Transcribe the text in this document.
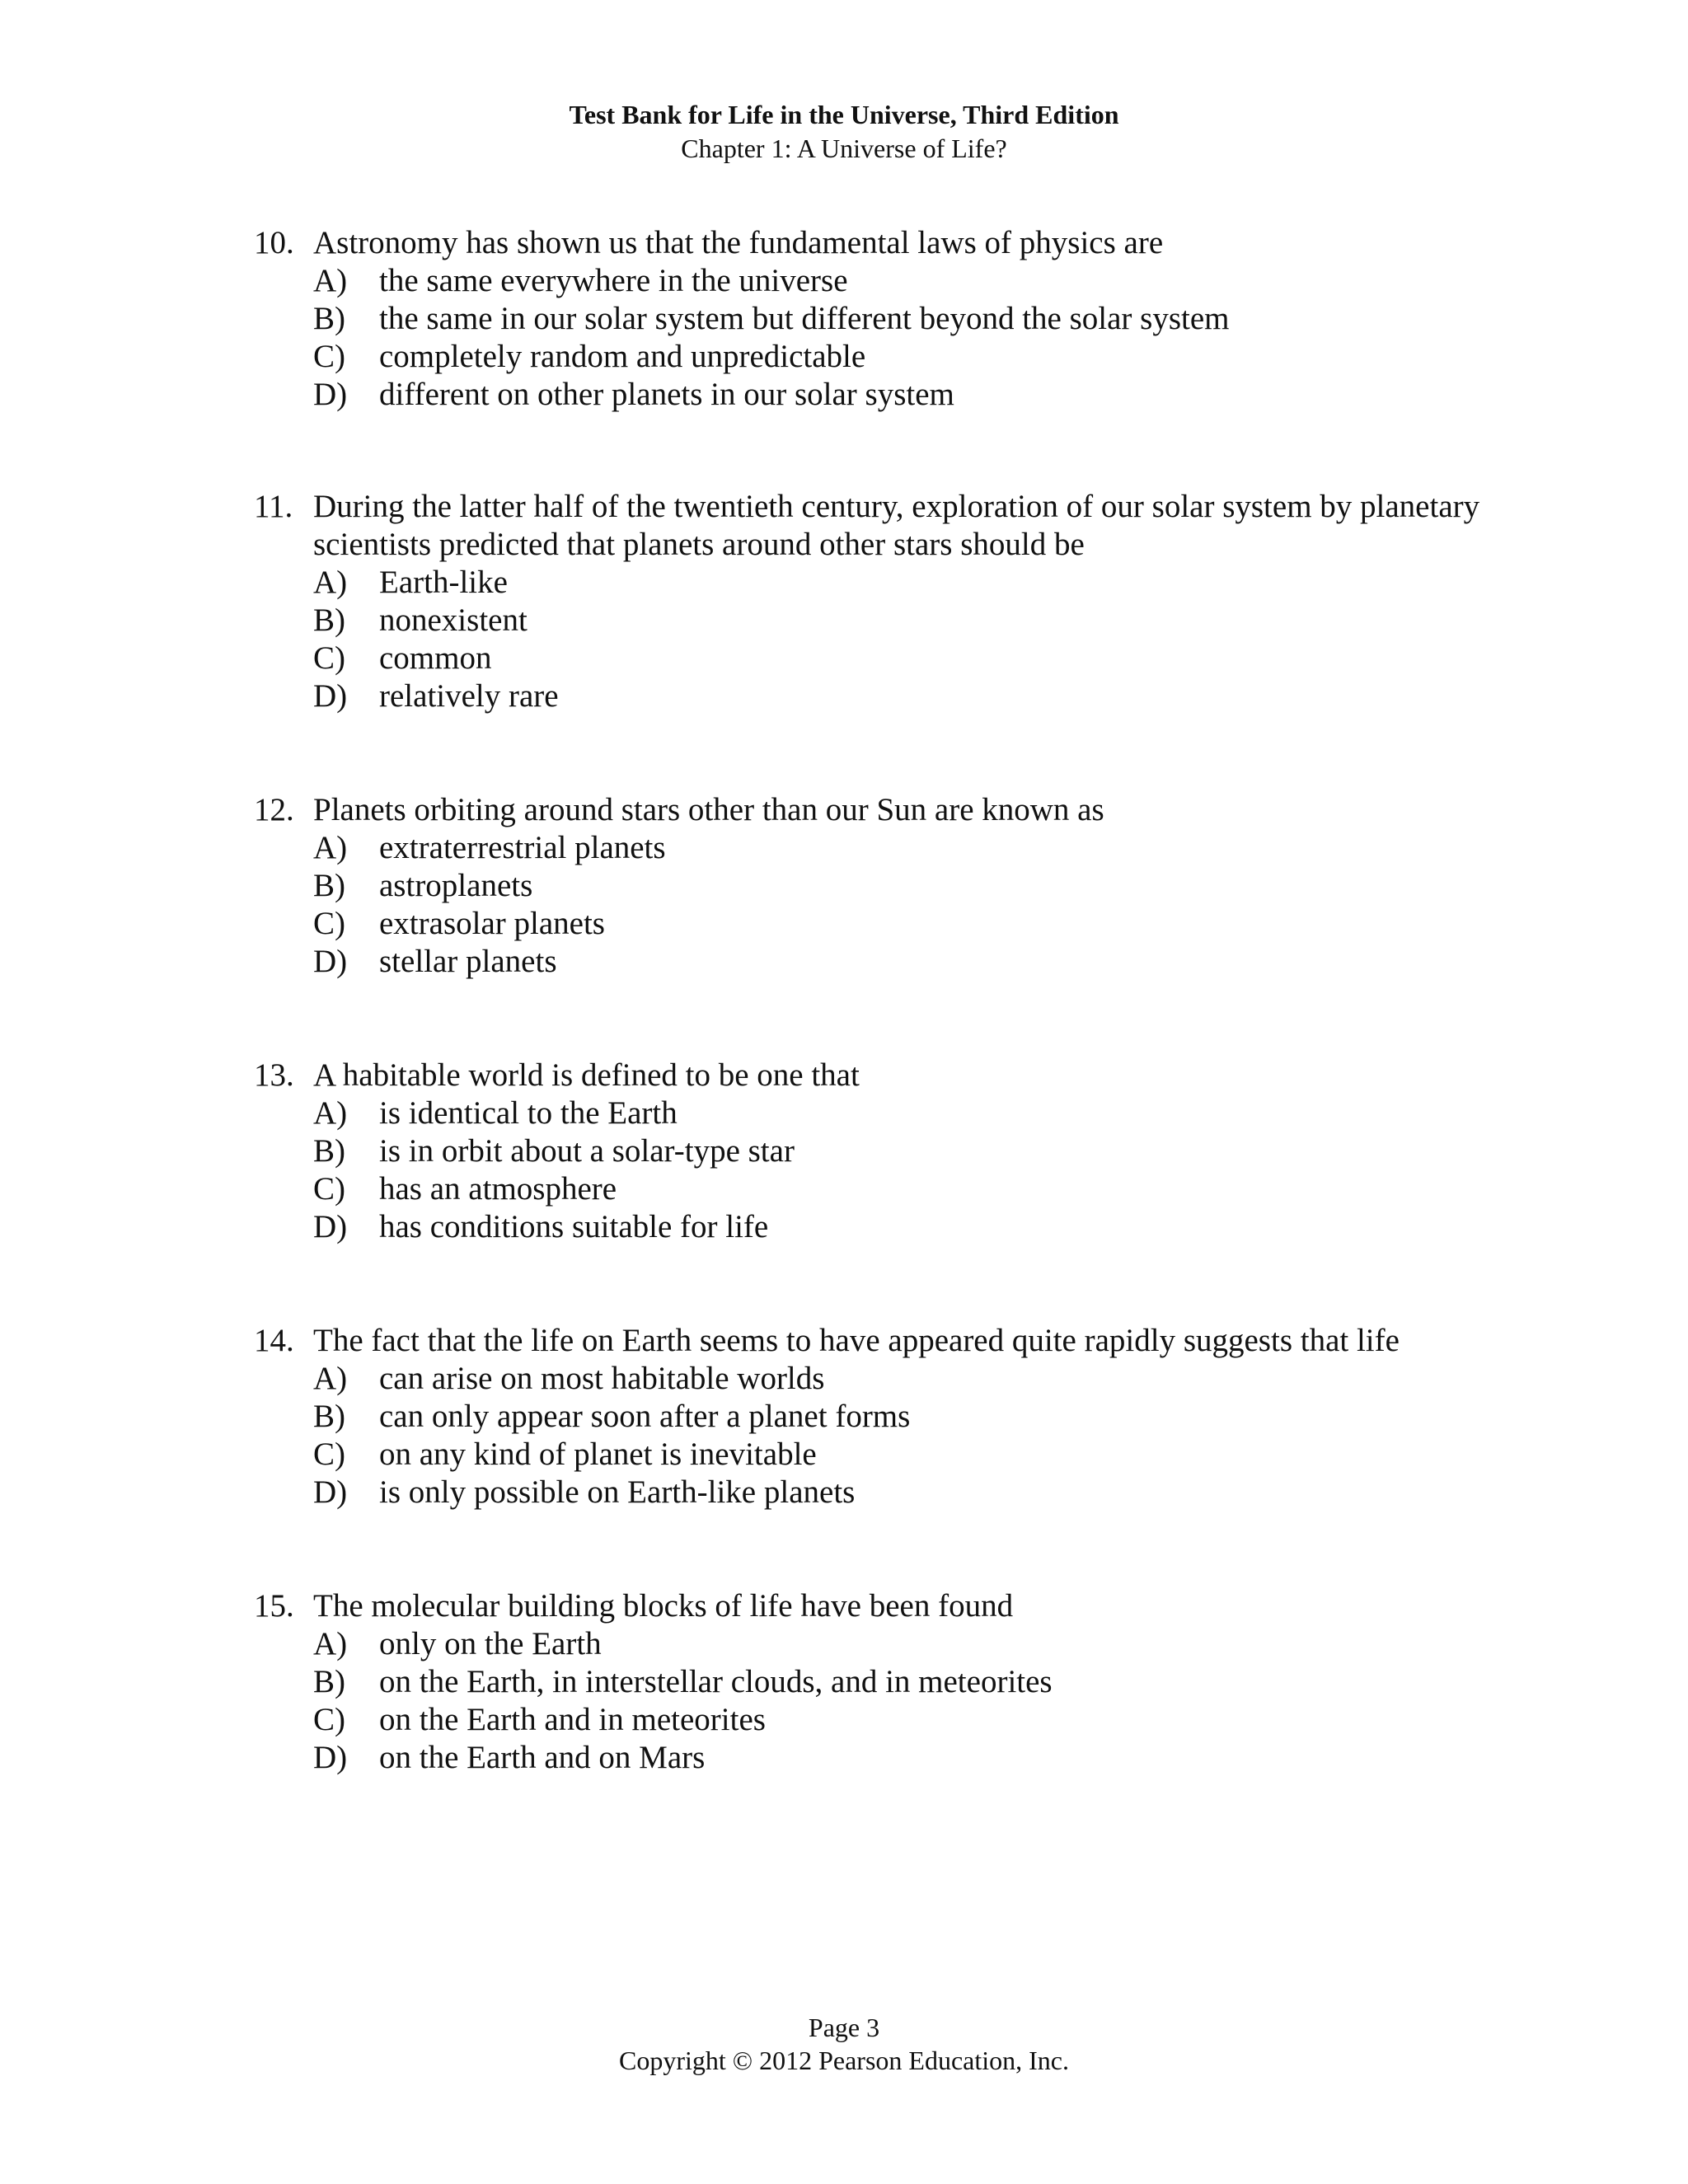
Test Bank for Life in the Universe, Third Edition
Chapter 1: A Universe of Life?
10. Astronomy has shown us that the fundamental laws of physics are
A) the same everywhere in the universe
B)	the same in our solar system but different beyond the solar system
C)	completely random and unpredictable
D) different on other planets in our solar system
11. During the latter half of the twentieth century, exploration of our solar system by planetary scientists predicted that planets around other stars should be
A) Earth-like
B)	nonexistent
C)	common
D) relatively rare
12. Planets orbiting around stars other than our Sun are known as
A) extraterrestrial planets
B)	astroplanets
C)	extrasolar planets
D) stellar planets
13. A habitable world is defined to be one that
A) is identical to the Earth
B)	is in orbit about a solar-type star
C)	has an atmosphere
D) has conditions suitable for life
14. The fact that the life on Earth seems to have appeared quite rapidly suggests that life
A) can arise on most habitable worlds
B)	can only appear soon after a planet forms
C)	on any kind of planet is inevitable
D) is only possible on Earth-like planets
15. The molecular building blocks of life have been found
A) only on the Earth
B)	on the Earth, in interstellar clouds, and in meteorites
C)	on the Earth and in meteorites
D) on the Earth and on Mars
Page 3
Copyright © 2012 Pearson Education, Inc.
